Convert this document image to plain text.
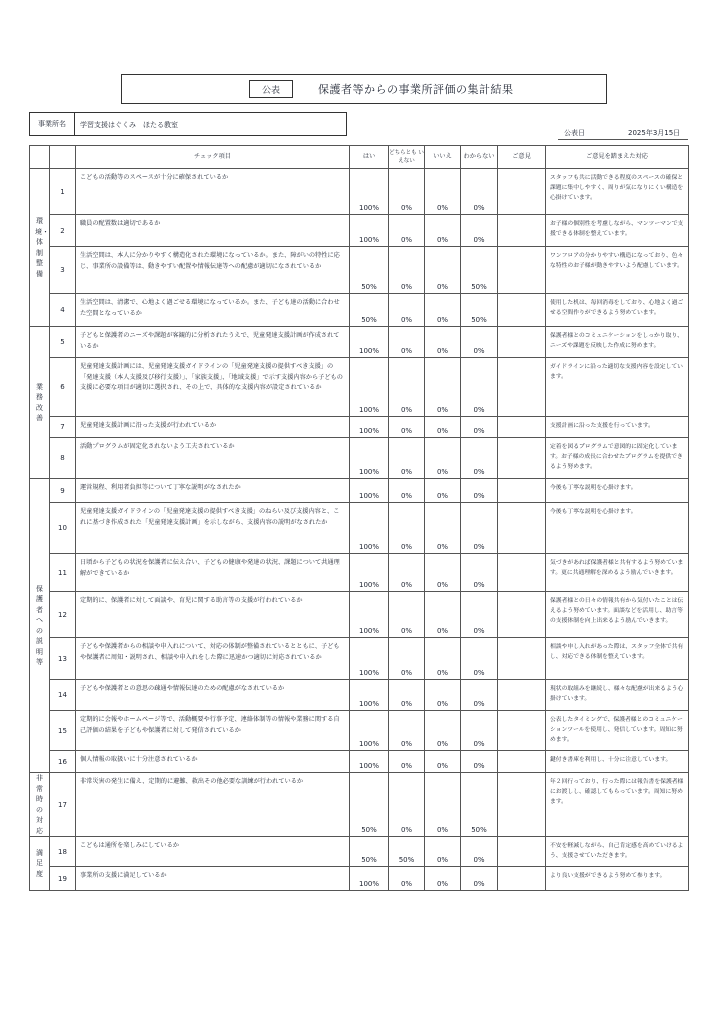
公表	保護者等からの事業所評価の集計結果
事業所名	学習支援はぐくみ　ほたる教室
公表日	2025年3月15日
		チェック項目	はい	どちらとも いえない	いいえ	わからない	ご意見	ご意見を踏まえた対応
環境・体制整備	1	こどもの活動等のスペースが十分に確保されているか	100%	0%	0%	0%		スタッフも共に活動できる程度のスペースの確保と課題に集中しやすく、周りが気になりにくい構造を心掛けています。
	2	職員の配置数は適切であるか	100%	0%	0%	0%		お子様の個別性を考慮しながら、マンツーマンで支援できる体制を整えています。
	3	生活空間は、本人に分かりやすく構造化された環境になっているか。また、障がいの特性に応じ、事業所の設備等は、動きやすい配置や情報伝達等への配慮が適切になされているか	50%	0%	0%	50%		ワンフロアの分かりやすい構造になっており、色々な特性のお子様が動きやすいよう配慮しています。
	4	生活空間は、清潔で、心地よく過ごせる環境になっているか。また、子ども達の活動に合わせた空間となっているか	50%	0%	0%	50%		使用した机は、毎回消毒をしており、心地よく過ごせる空間作りができるよう努めています。
業務改善	5	子どもと保護者のニーズや課題が客観的に分析されたうえで、児童発達支援計画が作成されているか	100%	0%	0%	0%		保護者様とのコミュニケーションをしっかり取り、ニーズや課題を反映した作成に努めます。
	6	児童発達支援計画には、児童発達支援ガイドラインの「児童発達支援の提供すべき支援」の「発達支援（本人支援及び移行支援）」、「家族支援」、「地域支援」で示す支援内容から子どもの支援に必要な項目が適切に選択され、その上で、具体的な支援内容が設定されているか	100%	0%	0%	0%		ガイドラインに沿った適切な支援内容を設定しています。
	7	児童発達支援計画に沿った支援が行われているか	100%	0%	0%	0%		支援計画に沿った支援を行っています。
	8	活動プログラムが固定化されないよう工夫されているか	100%	0%	0%	0%		定着を図るプログラムで意図的に固定化しています。お子様の成長に合わせたプログラムを提供できるよう努めます。
保護者への説明等	9	運営規程、利用者負担等について丁寧な説明がなされたか	100%	0%	0%	0%		今後も丁寧な説明を心掛けます。
	10	児童発達支援ガイドラインの「児童発達支援の提供すべき支援」のねらい及び支援内容と、これに基づき作成された「児童発達支援計画」を示しながら、支援内容の説明がなされたか	100%	0%	0%	0%		今後も丁寧な説明を心掛けます。
	11	日頃から子どもの状況を保護者に伝え合い、子どもの健康や発達の状況、課題について共通理解ができているか	100%	0%	0%	0%		気づきがあれば保護者様と共有するよう努めています。更に共通理解を深めるよう励んでいきます。
	12	定期的に、保護者に対して面談や、育児に関する助言等の支援が行われているか	100%	0%	0%	0%		保護者様との日々の情報共有から気付いたことは伝えるよう努めています。面談などを活用し、助言等の支援体制を向上出来るよう励んでいきます。
	13	子どもや保護者からの相談や申入れについて、対応の体制が整備されているとともに、子どもや保護者に周知・説明され、相談や申入れをした際に迅速かつ適切に対応されているか	100%	0%	0%	0%		相談や申し入れがあった際は、スタッフ全体で共有し、対応できる体制を整えています。
	14	子どもや保護者との意思の疎通や情報伝達のための配慮がなされているか	100%	0%	0%	0%		現状の取組みを継続し、様々な配慮が出来るよう心掛けています。
	15	定期的に会報やホームページ等で、活動概要や行事予定、連絡体制等の情報や業務に関する自己評価の結果を子どもや保護者に対して発信されているか	100%	0%	0%	0%		公表したタイミングで、保護者様とのコミュニケーションツールを使用し、発信しています。周知に努めます。
	16	個人情報の取扱いに十分注意されているか	100%	0%	0%	0%		鍵付き書庫を利用し、十分に注意しています。
非常時の対応	17	非常災害の発生に備え、定期的に避難、救出その他必要な訓練が行われているか	50%	0%	0%	50%		年２回行っており、行った際には報告書を保護者様にお渡しし、確認してもらっています。周知に努めます。
満足度	18	こどもは通所を楽しみにしているか	50%	50%	0%	0%		不安を軽減しながら、自己肯定感を高めていけるよう、支援させていただきます。
	19	事業所の支援に満足しているか	100%	0%	0%	0%		より良い支援ができるよう努めて参ります。
